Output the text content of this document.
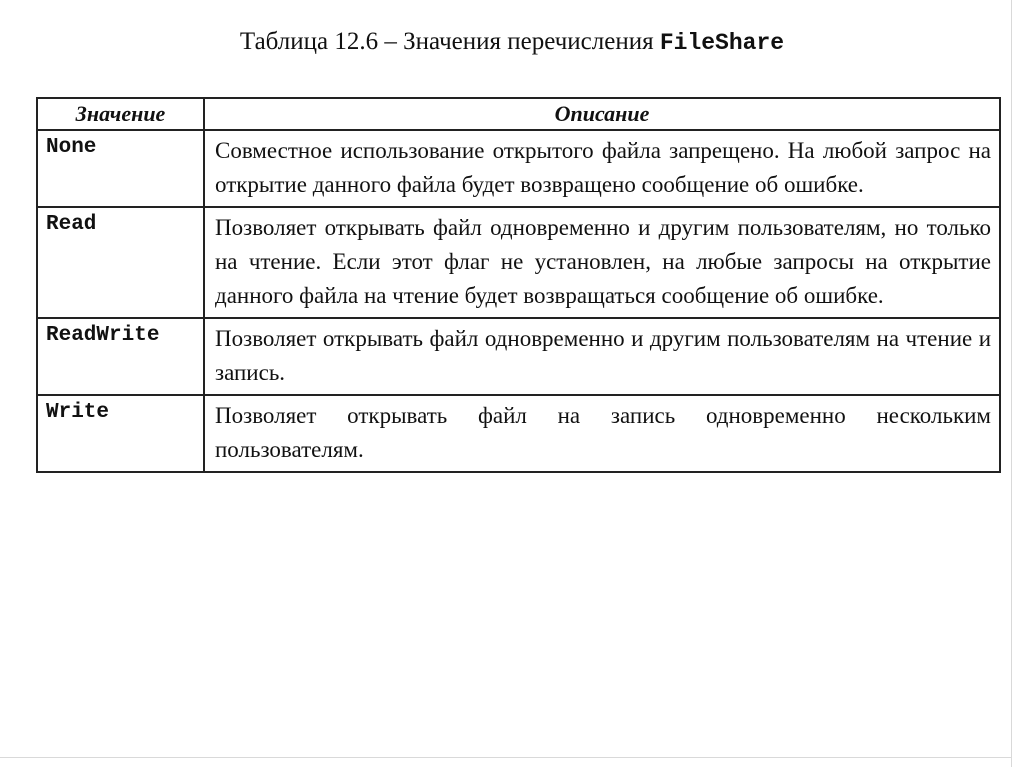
Таблица 12.6 – Значения перечисления FileShare
Значение	Описание
None	Совместное использование открытого файла запрещено. На любой запрос на открытие данного файла будет возвращено сообщение об ошибке.
Read	Позволяет открывать файл одновременно и другим пользователям, но только на чтение. Если этот флаг не установлен, на любые запросы на открытие данного файла на чтение будет возвращаться сообщение об ошибке.
ReadWrite	Позволяет открывать файл одновременно и другим пользователям на чтение и запись.
Write	Позволяет открывать файл на запись одновременно нескольким пользователям.
